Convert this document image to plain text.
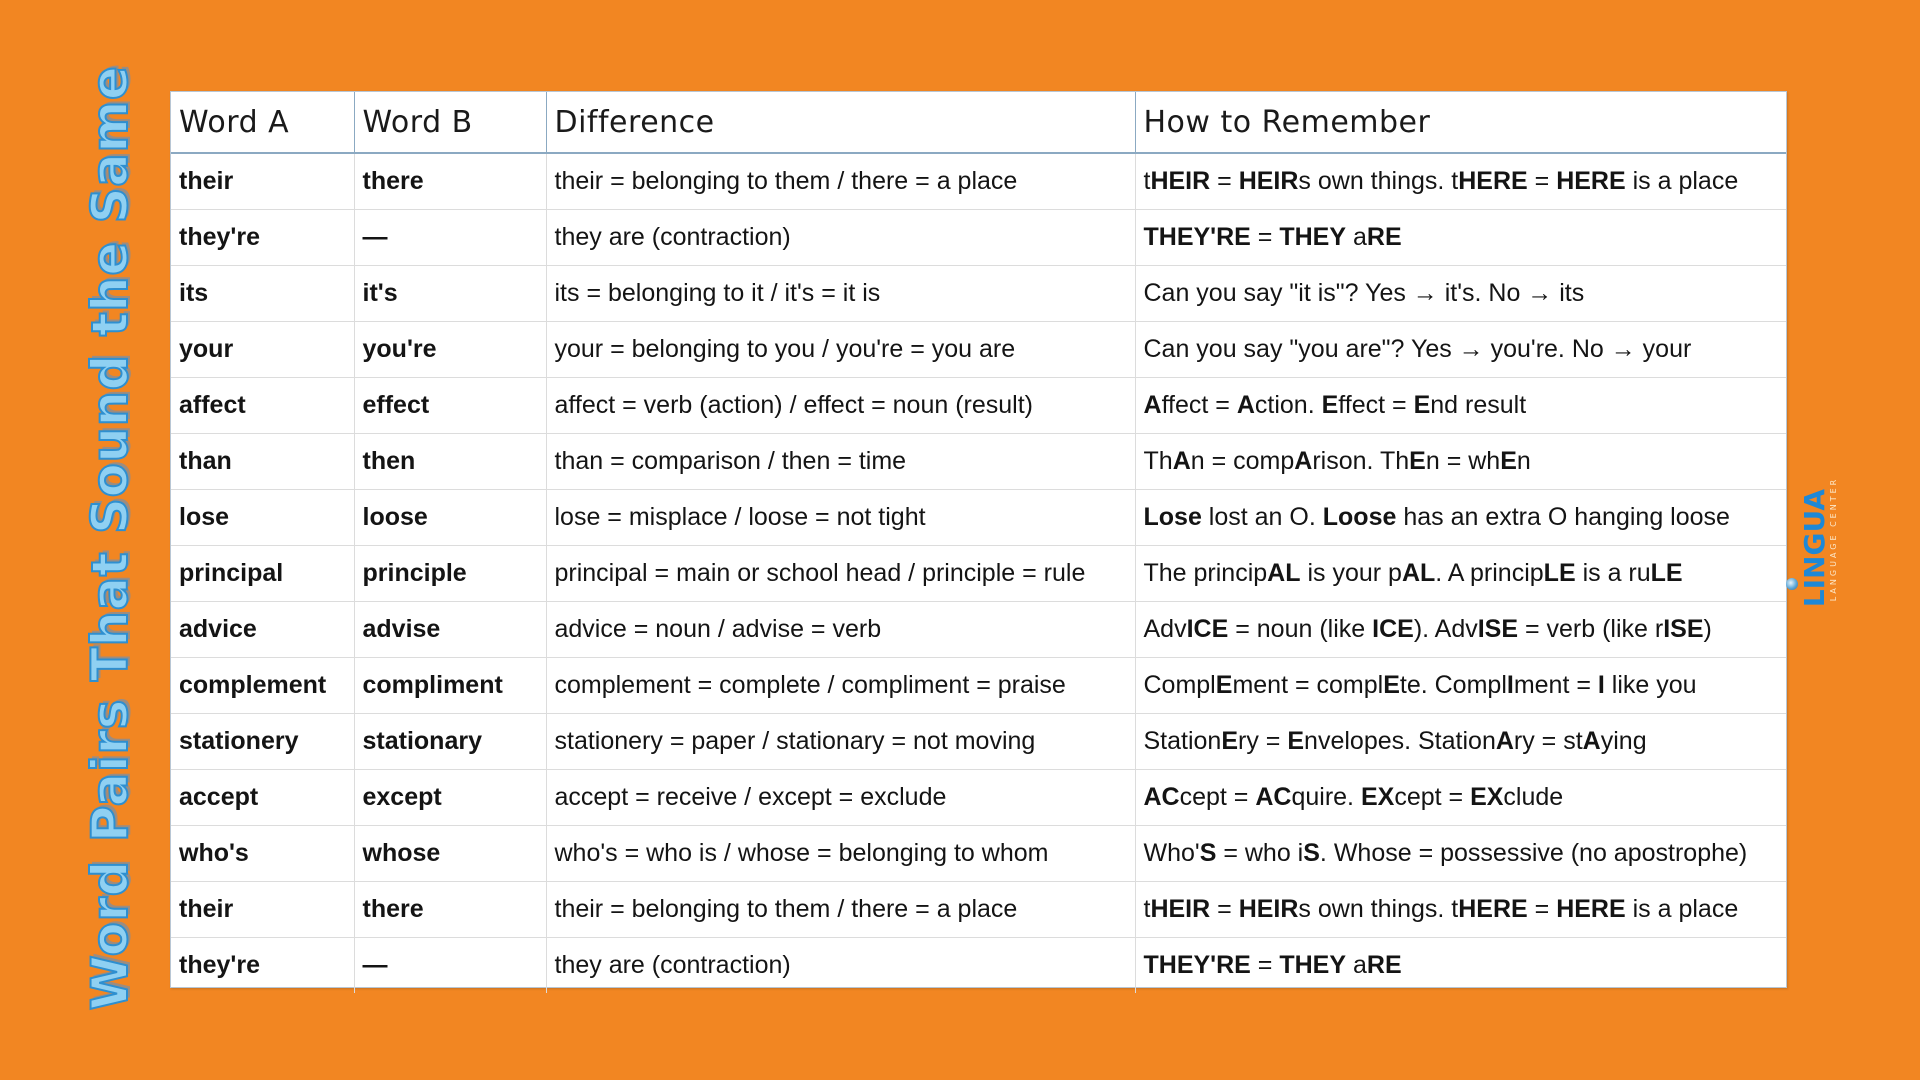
Word Pairs That Sound the Same Word A	Word B	Difference	How to Remember
their	there	their = belonging to them / there = a place	tHEIR = HEIRs own things. tHERE = HERE is a place
they're	—	they are (contraction)	THEY'RE = THEY aRE
its	it's	its = belonging to it / it's = it is	Can you say "it is"? Yes → it's. No → its
your	you're	your = belonging to you / you're = you are	Can you say "you are"? Yes → you're. No → your
affect	effect	affect = verb (action) / effect = noun (result)	Affect = Action. Effect = End result
than	then	than = comparison / then = time	ThAn = compArison. ThEn = whEn
lose	loose	lose = misplace / loose = not tight	Lose lost an O. Loose has an extra O hanging loose
principal	principle	principal = main or school head / principle = rule	The principAL is your pAL. A principLE is a ruLE
advice	advise	advice = noun / advise = verb	AdvICE = noun (like ICE). AdvISE = verb (like rISE)
complement	compliment	complement = complete / compliment = praise	ComplEment = complEte. ComplIment = I like you
stationery	stationary	stationery = paper / stationary = not moving	StationEry = Envelopes. StationAry = stAying
accept	except	accept = receive / except = exclude	ACcept = ACquire. EXcept = EXclude
who's	whose	who's = who is / whose = belonging to whom	Who'S = who iS. Whose = possessive (no apostrophe)
their	there	their = belonging to them / there = a place	tHEIR = HEIRs own things. tHERE = HERE is a place
they're	—	they are (contraction)	THEY'RE = THEY aRE
LINGUA
LANGUAGE CENTER
